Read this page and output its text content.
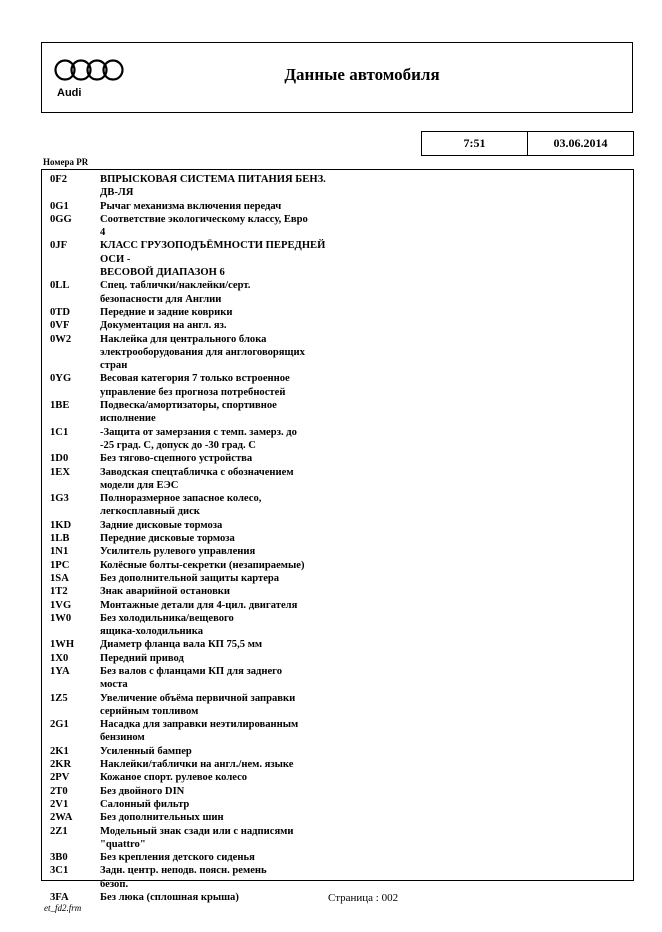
Audi
Данные автомобиля
7:51	03.06.2014
Номера PR
0F2	ВПРЫСКОВАЯ СИСТЕМА ПИТАНИЯ БЕНЗ. ДВ-ЛЯ
0G1	Рычаг механизма включения передач
0GG	Соответствие экологическому классу, Евро
4
0JF	КЛАСС ГРУЗОПОДЪЁМНОСТИ ПЕРЕДНЕЙ ОСИ -
ВЕСОВОЙ ДИАПАЗОН 6
0LL	Спец. таблички/наклейки/серт.
безопасности для Англии
0TD	Передние и задние коврики
0VF	Документация на англ. яз.
0W2	Наклейка для центрального блока
электрооборудования для англоговорящих
стран
0YG	Весовая категория 7 только встроенное
управление без прогноза потребностей
1BE	Подвеска/амортизаторы, спортивное
исполнение
1C1	-Защита от замерзания с темп. замерз. до
-25 град. С, допуск до -30 град. С
1D0	Без тягово-сцепного устройства
1EX	Заводская спецтабличка с обозначением
модели для ЕЭС
1G3	Полноразмерное запасное колесо,
легкосплавный диск
1KD	Задние дисковые тормоза
1LB	Передние дисковые тормоза
1N1	Усилитель рулевого управления
1PC	Колёсные болты-секретки (незапираемые)
1SA	Без дополнительной защиты картера
1T2	Знак аварийной остановки
1VG	Монтажные детали для 4-цил. двигателя
1W0	Без холодильника/вещевого
ящика-холодильника
1WH	Диаметр фланца вала КП 75,5 мм
1X0	Передний привод
1YA	Без валов с фланцами КП для заднего
моста
1Z5	Увеличение объёма первичной заправки
серийным топливом
2G1	Насадка для заправки неэтилированным
бензином
2K1	Усиленный бампер
2KR	Наклейки/таблички на англ./нем. языке
2PV	Кожаное спорт. рулевое колесо
2T0	Без двойного DIN
2V1	Салонный фильтр
2WA	Без дополнительных шин
2Z1	Модельный знак сзади или с надписями
"quattro"
3B0	Без крепления детского сиденья
3C1	Задн. центр. неподв. поясн. ремень
безоп.
3FA	Без люка (сплошная крыша)	Страница : 002
et_fd2.frm
